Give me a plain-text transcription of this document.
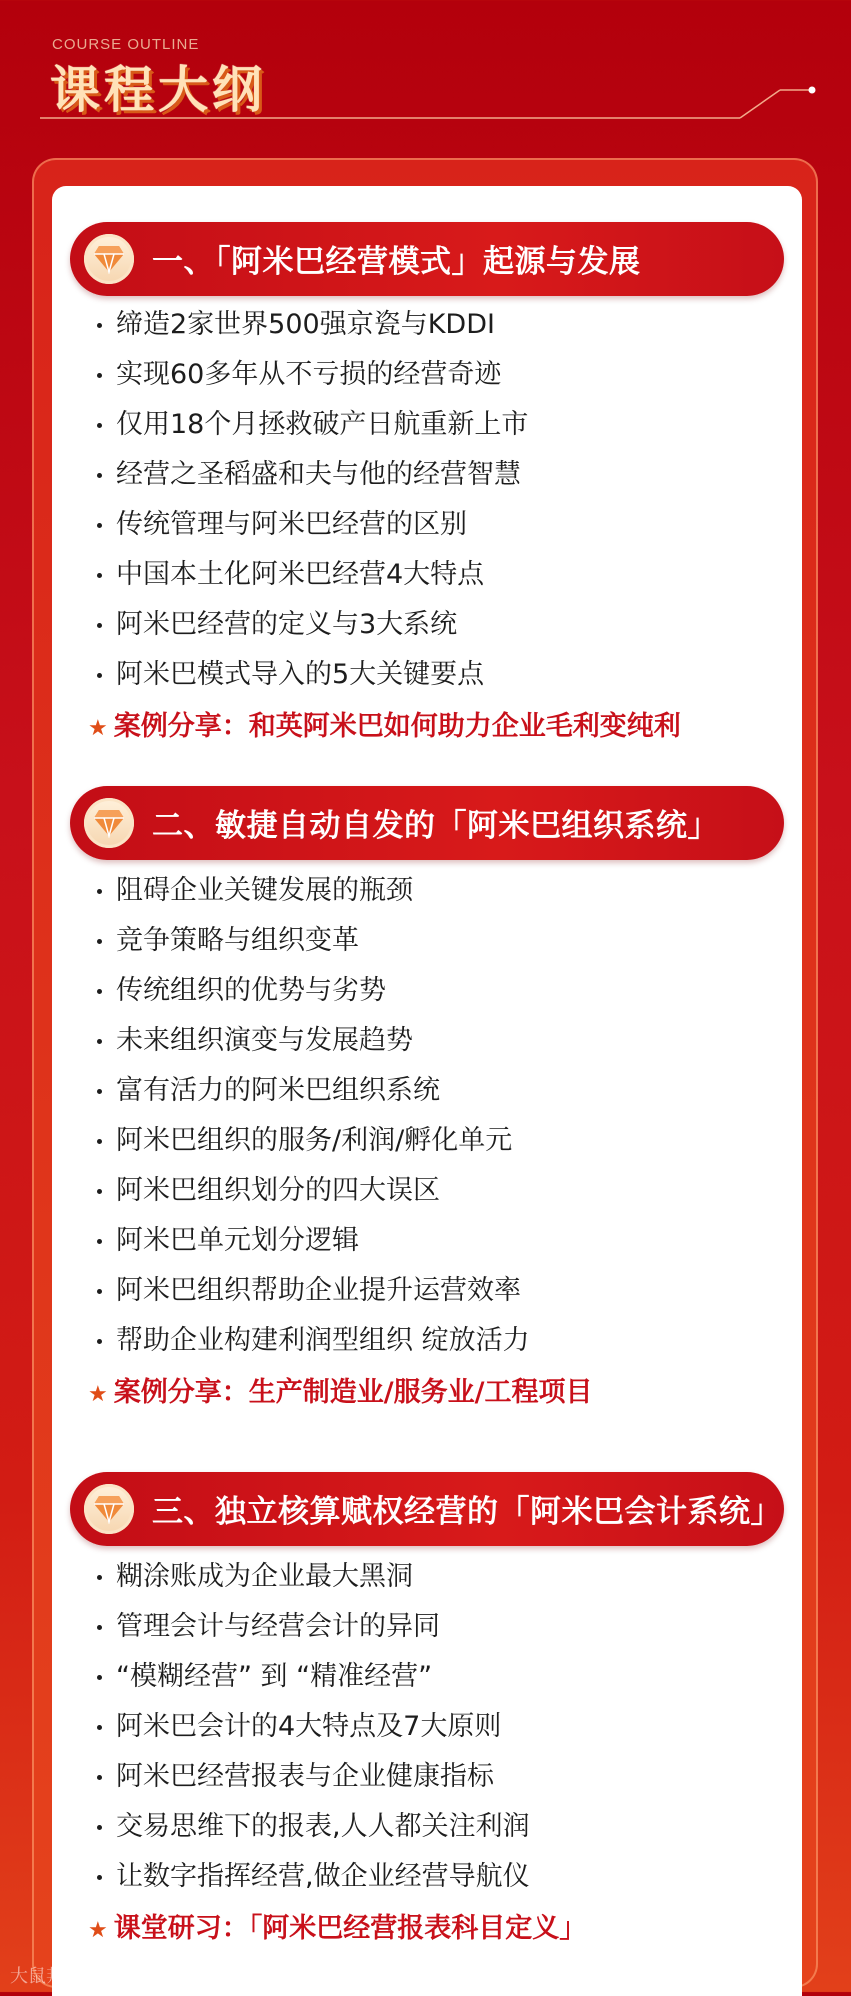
COURSE OUTLINE
课程大纲
一、「阿米巴经营模式」起源与发展
缔造2家世界500强京瓷与KDDI
实现60多年从不亏损的经营奇迹
仅用18个月拯救破产日航重新上市
经营之圣稻盛和夫与他的经营智慧
传统管理与阿米巴经营的区别
中国本土化阿米巴经营4大特点
阿米巴经营的定义与3大系统
阿米巴模式导入的5大关键要点
★ 案例分享：和英阿米巴如何助力企业毛利变纯利
二、敏捷自动自发的「阿米巴组织系统」
阻碍企业关键发展的瓶颈
竞争策略与组织变革
传统组织的优势与劣势
未来组织演变与发展趋势
富有活力的阿米巴组织系统
阿米巴组织的服务/利润/孵化单元
阿米巴组织划分的四大误区
阿米巴单元划分逻辑
阿米巴组织帮助企业提升运营效率
帮助企业构建利润型组织 绽放活力
★ 案例分享：生产制造业/服务业/工程项目
三、独立核算赋权经营的「阿米巴会计系统」
糊涂账成为企业最大黑洞
管理会计与经营会计的异同
“模糊经营” 到 “精准经营”
阿米巴会计的4大特点及7大原则
阿米巴经营报表与企业健康指标
交易思维下的报表,人人都关注利润
让数字指挥经营,做企业经营导航仪
★ 课堂研习：「阿米巴经营报表科目定义」
大鼠邦渊
